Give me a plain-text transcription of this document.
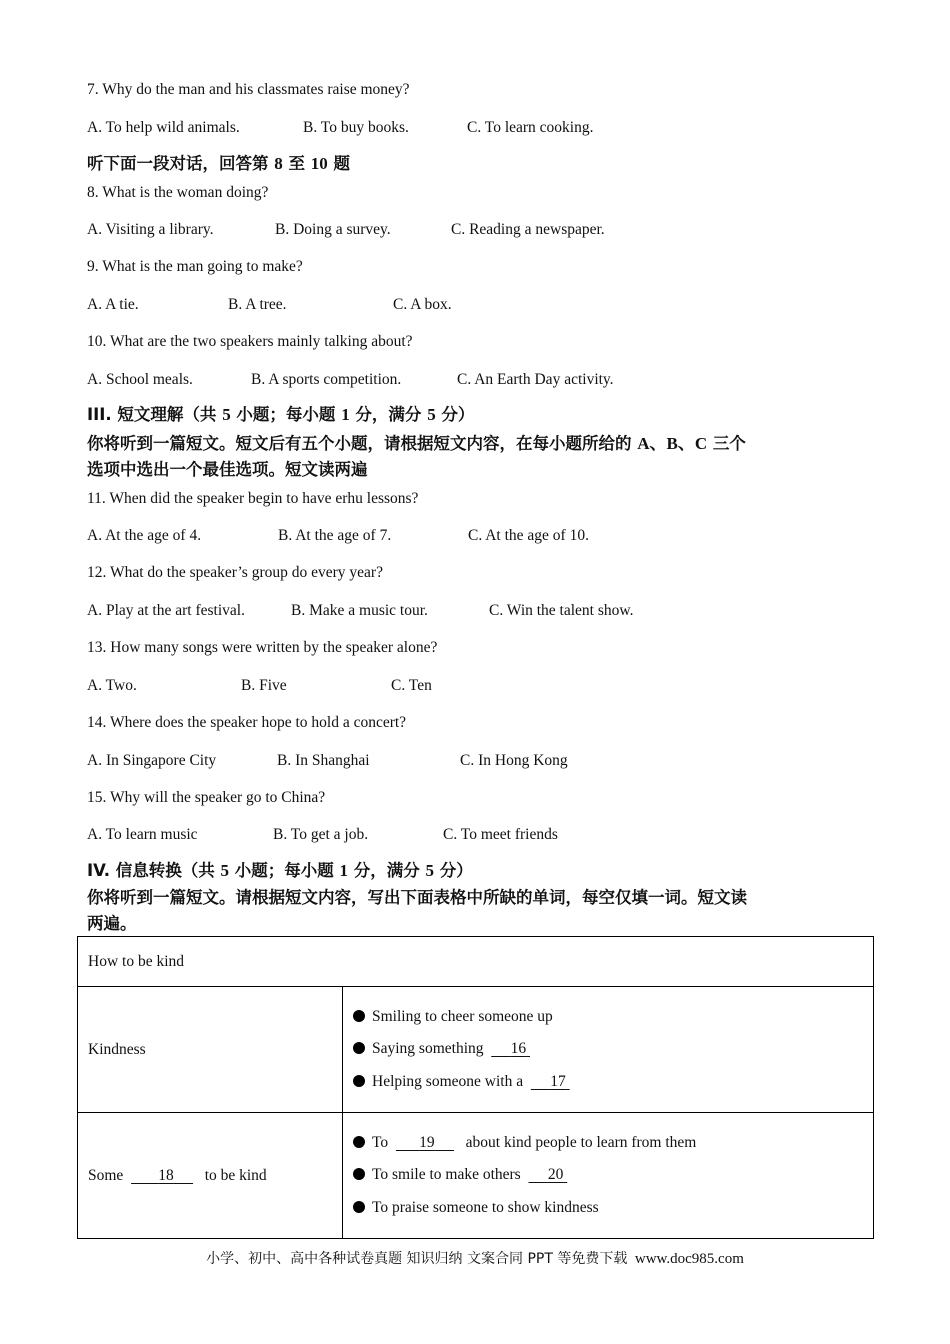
7. Why do the man and his classmates raise money?
A. To help wild animals.	B. To buy books.	C. To learn cooking.
听下面一段对话，回答第 8 至 10 题
8. What is the woman doing?
A. Visiting a library.	B. Doing a survey.	C. Reading a newspaper.
9. What is the man going to make?
A. A tie.	B. A tree.	C. A box.
10. What are the two speakers mainly talking about?
A. School meals.	B. A sports competition.	C. An Earth Day activity.
III. 短文理解（共 5 小题；每小题 1 分，满分 5 分）
你将听到一篇短文。短文后有五个小题，请根据短文内容，在每小题所给的 A、B、C 三个
选项中选出一个最佳选项。短文读两遍
11. When did the speaker begin to have erhu lessons?
A. At the age of 4.	B. At the age of 7.	C. At the age of 10.
12. What do the speaker’s group do every year?
A. Play at the art festival.	B. Make a music tour.	C. Win the talent show.
13. How many songs were written by the speaker alone?
A. Two.	B. Five	C. Ten
14. Where does the speaker hope to hold a concert?
A. In Singapore City	B. In Shanghai	C. In Hong Kong
15. Why will the speaker go to China?
A. To learn music	B. To get a job.	C. To meet friends
IV. 信息转换（共 5 小题；每小题 1 分，满分 5 分）
你将听到一篇短文。请根据短文内容，写出下面表格中所缺的单词，每空仅填一词。短文读
两遍。
How to be kind	
Kindness	Smiling to cheer someone up
Saying something 16
Helping someone with a 17

Some 18 to be kind	To 19 about kind people to learn from them
To smile to make others 20
To praise someone to show kindness
小学、初中、高中各种试卷真题 知识归纳 文案合同 PPT 等免费下载 www.doc985.com
